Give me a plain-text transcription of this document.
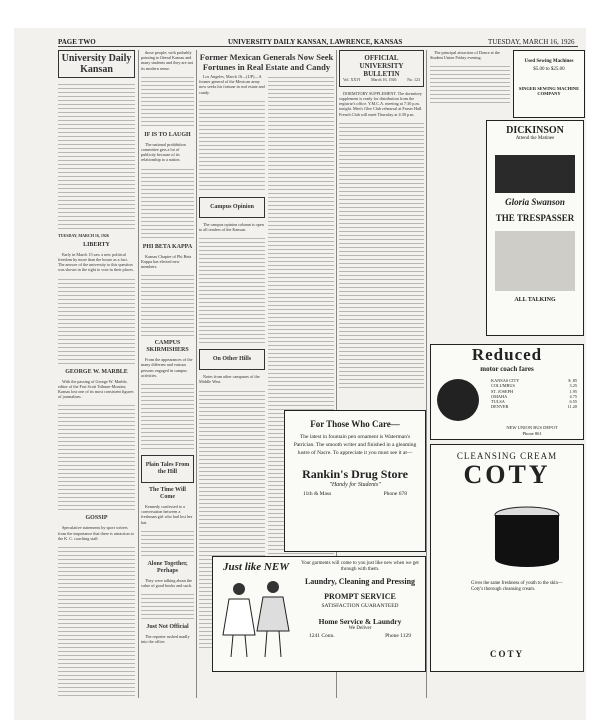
PAGE TWO	UNIVERSITY DAILY KANSAN, LAWRENCE, KANSAS	TUESDAY, MARCH 16, 1926
University Daily Kansan
TUESDAY, MARCH 16, 1926
LIBERTY

Early in March 15 saw a new political freedom by more than the house as a fact. The answer of the university to this question was shown in the right to vote in their places.

GEORGE W. MARBLE

With the passing of George W. Marble, editor of the Fort Scott Tribune-Monitor, Kansas lost one of its most consistent figures of journalism.

GOSSIP

Speculative statements by sport writers from the importance that there is attraction to the K. C. coaching staff.

those people; with probably pointing to liberal Kansas and many students and they are not its modern sense.

IF IS TO LAUGH

The national prohibition committee gets a lot of publicity because of its relationship to a nation.

PHI BETA KAPPA

Kansas Chapter of Phi Beta Kappa has elected new members.

CAMPUS SKIRMISHERS

From the appearances of the many different and various persons engaged in campus activities.

Plain Tales From the Hill
The Time Will Come

Kennedy confessed to a conversation between a freshman girl who had lost her hat.

Alone Together, Perhaps

They were talking about the value of good books and such.

Just Not Official

The reporter rushed madly into the office.

Former Mexican Generals Now Seek Fortunes in Real Estate and Candy

Los Angeles, March 16—(UP)—A former general of the Mexican army now seeks his fortune in real estate and candy.

Campus Opinion

The campus opinion column is open to all readers of the Kansan.

On Other Hills

Notes from other campuses of the Middle West.

OFFICIAL UNIVERSITY BULLETIN
Vol. XXVI	March 16, 1926	No. 123

DORMITORY SUPPLEMENT. The dormitory supplement is ready for distribution from the registrar's office. Y.M.C.A. meeting at 7:30 p.m. tonight. Men's Glee Club rehearsal at Fraser Hall. French Club will meet Thursday at 4:30 p.m.

For Those Who Care—
The latest in fountain pen ornament is Waterman's Patrician. The smooth writer and finished in a gleaming lustre of Nacre. To appreciate it you must see it at—
Rankin's Drug Store
"Handy for Students"
11th & Mass	Phone 678
Just like NEW	Your garments will come to you just like new when we get through with them.
Laundry, Cleaning and Pressing
PROMPT SERVICE
SATISFACTION GUARANTEED
Home Service & Laundry
We Deliver
1241 Conn.	Phone 1129

The principal attraction of Dance at the Student Union Friday evening.

Used Sewing Machines
$5.00 to $25.00
SINGER SEWING MACHINE COMPANY
DICKINSON
Attend the Matinee
Gloria Swanson
THE TRESPASSER
ALL TALKING
Reduced
motor coach fares
KANSAS CITY	$ .85
COLUMBUS	3.25
ST. JOSEPH	1.95
OMAHA	4.75
TULSA	6.55
DENVER	11.20
NEW UNION BUS DEPOT
Phone 861
CLEANSING CREAM
COTY
Gives the same freshness of youth to the skin—Coty's thorough cleansing cream.
COTY
